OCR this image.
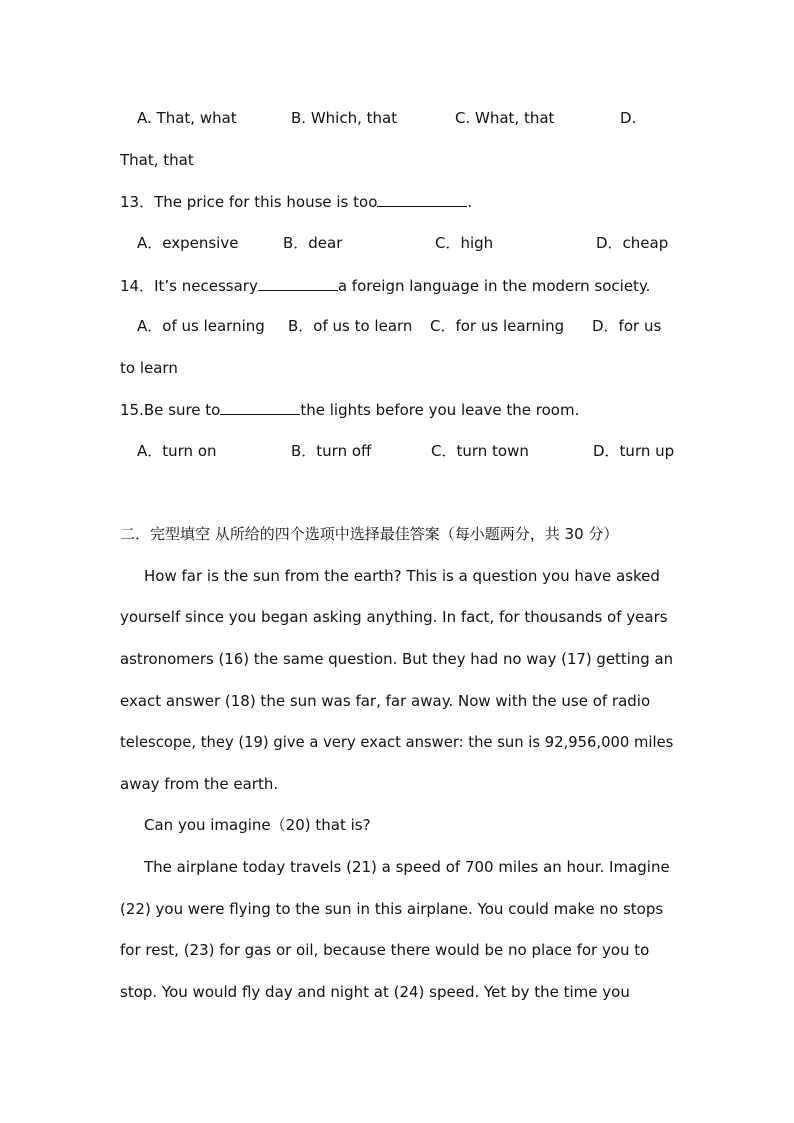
A. That, what	B. Which, that	C. What, that	D.
That, that
13．The price for this house is too	.
A．expensive	B．dear	C．high	D．cheap
14．It’s necessary	a foreign language in the modern society.
A．of us learning B．of us to learn C．for us learning D．for us
to learn
15.Be sure to	the lights before you leave the room.
A．turn on	B．turn off	C．turn town	D．turn up
二．完型填空 从所给的四个选项中选择最佳答案（每小题两分，共 30 分）
How far is the sun from the earth? This is a question you have asked
yourself since you began asking anything. In fact, for thousands of years
astronomers (16) the same question. But they had no way (17) getting an
exact answer (18) the sun was far, far away. Now with the use of radio
telescope, they (19) give a very exact answer: the sun is 92,956,000 miles
away from the earth.
Can you imagine（20) that is?
The airplane today travels (21) a speed of 700 miles an hour. Imagine
(22) you were flying to the sun in this airplane. You could make no stops
for rest, (23) for gas or oil, because there would be no place for you to
stop. You would fly day and night at (24) speed. Yet by the time you
